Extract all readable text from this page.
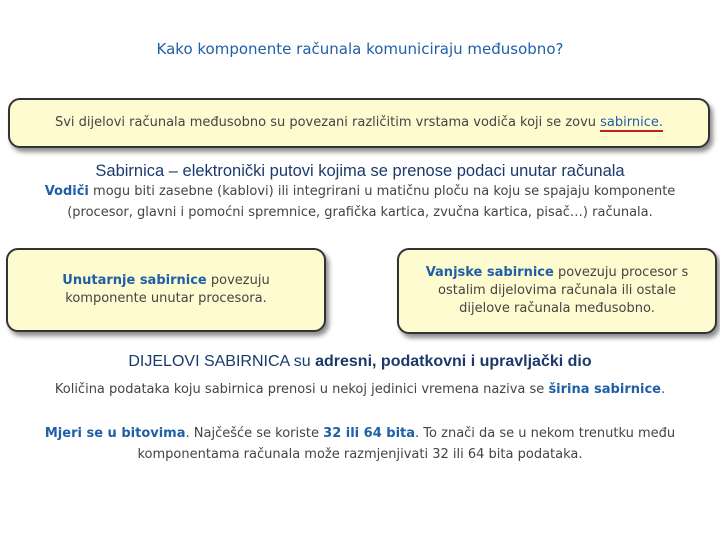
Kako komponente računala komuniciraju međusobno?
Svi dijelovi računala međusobno su povezani različitim vrstama vodiča koji se zovu sabirnice.
Sabirnica – elektronički putovi kojima se prenose podaci unutar računala
Vodiči mogu biti zasebne (kablovi) ili integrirani u matičnu ploču na koju se spajaju komponente (procesor, glavni i pomoćni spremnice, grafička kartica, zvučna kartica, pisač…) računala.
Unutarnje sabirnice povezuju komponente unutar procesora.
Vanjske sabirnice povezuju procesor s ostalim dijelovima računala ili ostale dijelove računala međusobno.
DIJELOVI SABIRNICA su adresni, podatkovni i upravljački dio
Količina podataka koju sabirnica prenosi u nekoj jedinici vremena naziva se širina sabirnice.
Mjeri se u bitovima. Najčešće se koriste 32 ili 64 bita. To znači da se u nekom trenutku među komponentama računala može razmjenjivati 32 ili 64 bita podataka.
